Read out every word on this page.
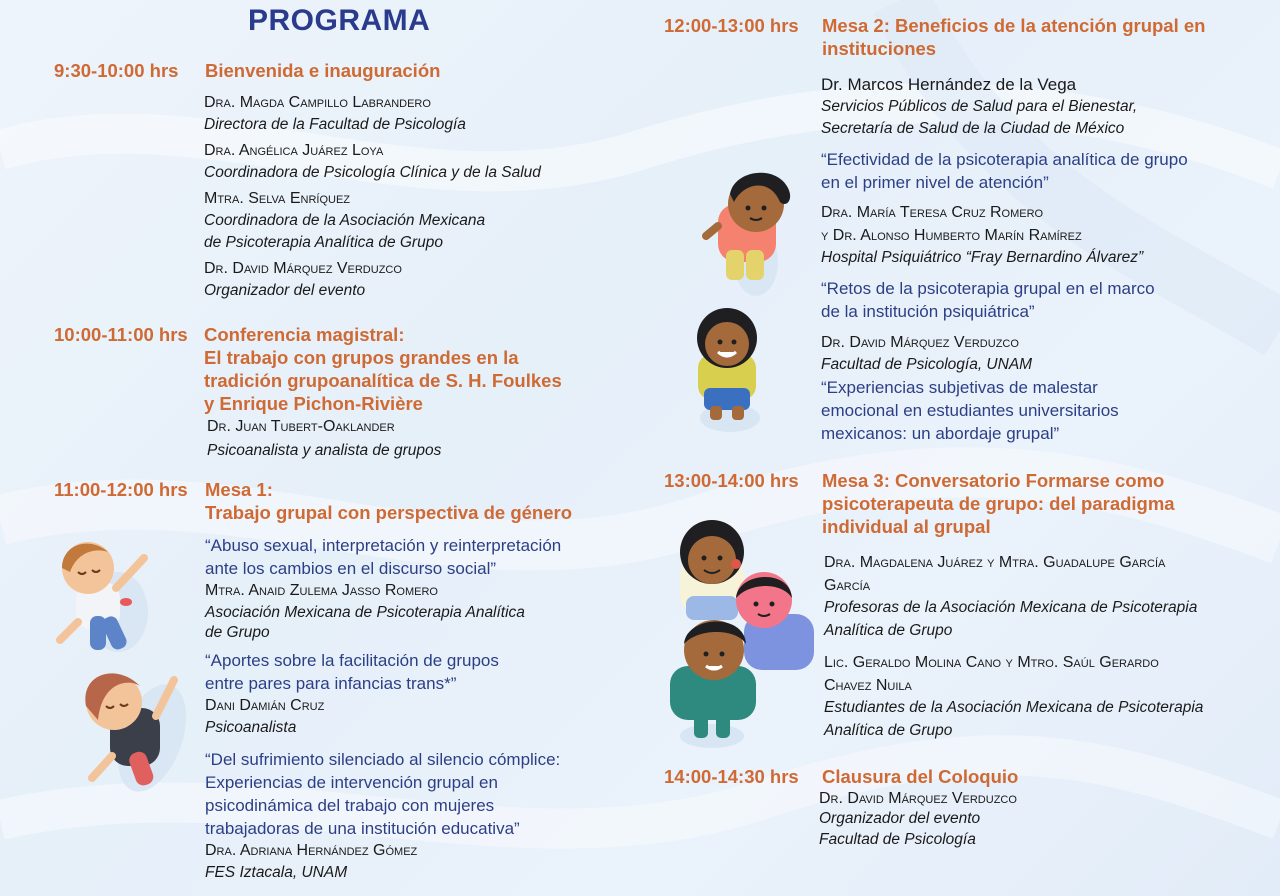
PROGRAMA
9:30-10:00 hrs Bienvenida e inauguración
Dra. Magda Campillo Labrandero
Directora de la Facultad de Psicología
Dra. Angélica Juárez Loya
Coordinadora de Psicología Clínica y de la Salud
Mtra. Selva Enríquez
Coordinadora de la Asociación Mexicana
de Psicoterapia Analítica de Grupo
Dr. David Márquez Verduzco
Organizador del evento
10:00-11:00 hrs Conferencia magistral:
El trabajo con grupos grandes en la
tradición grupoanalítica de S. H. Foulkes
y Enrique Pichon-Rivière
Dr. Juan Tubert-Oaklander
Psicoanalista y analista de grupos
11:00-12:00 hrs Mesa 1:
Trabajo grupal con perspectiva de género
“Abuso sexual, interpretación y reinterpretación
ante los cambios en el discurso social”
Mtra. Anaid Zulema Jasso Romero
Asociación Mexicana de Psicoterapia Analítica
de Grupo
“Aportes sobre la facilitación de grupos
entre pares para infancias trans*”
Dani Damián Cruz
Psicoanalista
“Del sufrimiento silenciado al silencio cómplice:
Experiencias de intervención grupal en
psicodinámica del trabajo con mujeres
trabajadoras de una institución educativa”
Dra. Adriana Hernández Gómez
FES Iztacala, UNAM
12:00-13:00 hrs Mesa 2: Beneficios de la atención grupal en
instituciones
Dr. Marcos Hernández de la Vega
Servicios Públicos de Salud para el Bienestar,
Secretaría de Salud de la Ciudad de México
“Efectividad de la psicoterapia analítica de grupo
en el primer nivel de atención”
Dra. María Teresa Cruz Romero
y Dr. Alonso Humberto Marín Ramírez
Hospital Psiquiátrico “Fray Bernardino Álvarez”
“Retos de la psicoterapia grupal en el marco
de la institución psiquiátrica”
Dr. David Márquez Verduzco
Facultad de Psicología, UNAM
“Experiencias subjetivas de malestar
emocional en estudiantes universitarios
mexicanos: un abordaje grupal”
13:00-14:00 hrs Mesa 3: Conversatorio Formarse como
psicoterapeuta de grupo: del paradigma
individual al grupal
Dra. Magdalena Juárez y Mtra. Guadalupe García
García
Profesoras de la Asociación Mexicana de Psicoterapia
Analítica de Grupo
Lic. Geraldo Molina Cano y Mtro. Saúl Gerardo
Chavez Nuila
Estudiantes de la Asociación Mexicana de Psicoterapia
Analítica de Grupo
14:00-14:30 hrs Clausura del Coloquio
Dr. David Márquez Verduzco
Organizador del evento
Facultad de Psicología
